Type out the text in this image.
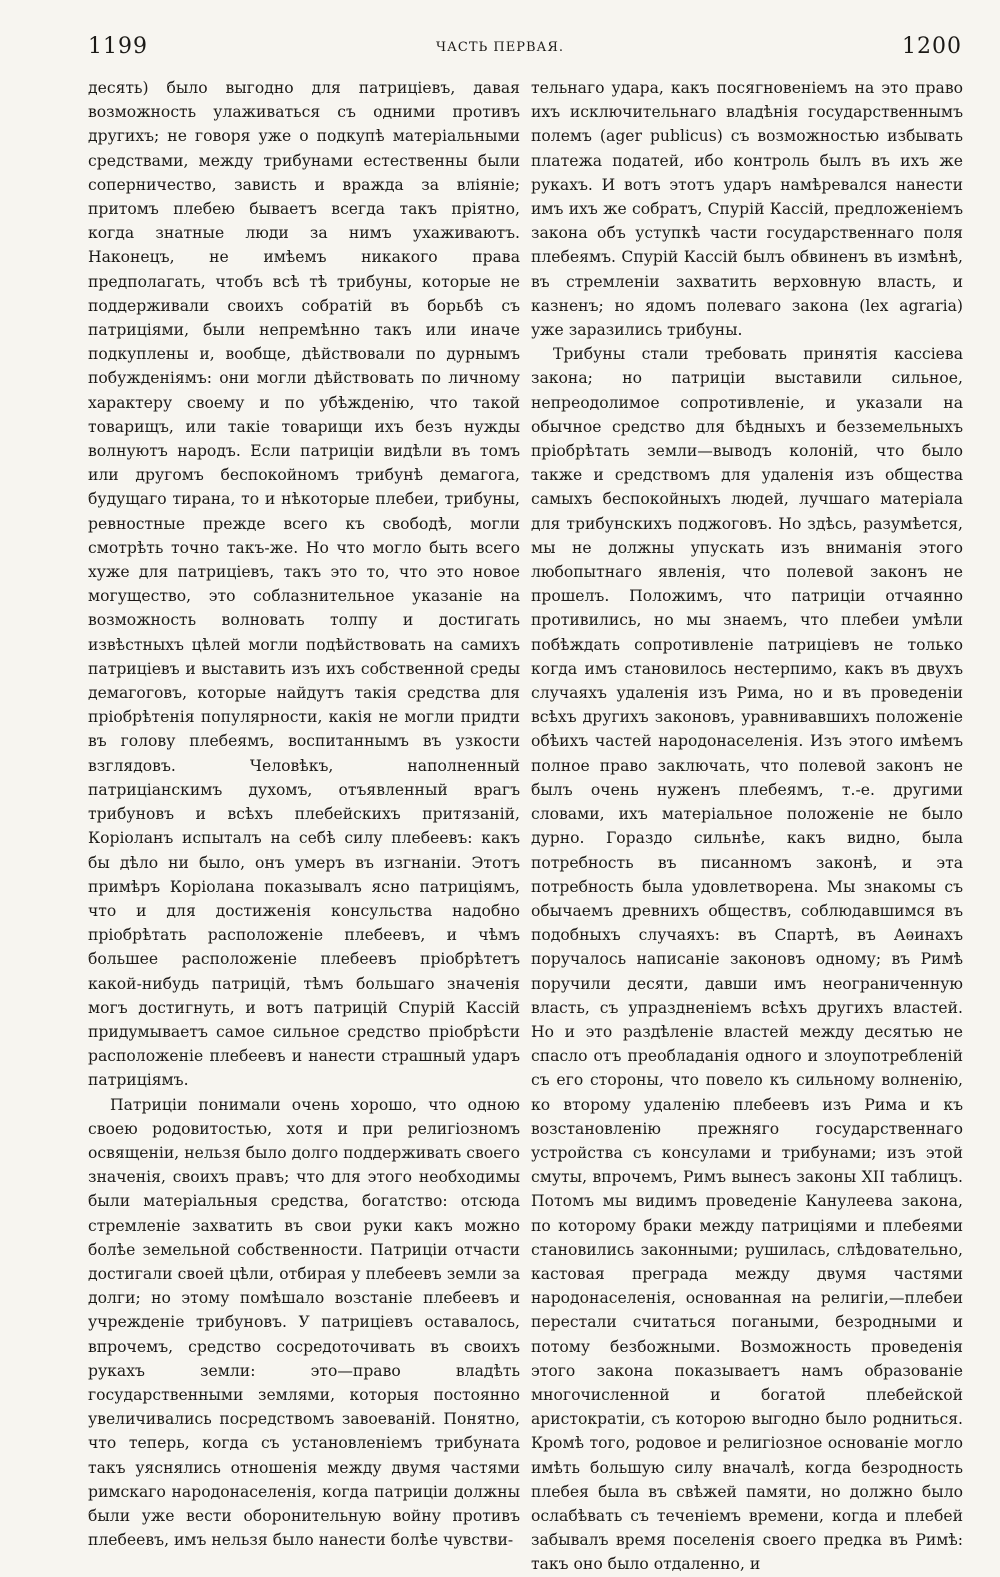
1199	ЧАСТЬ ПЕРВАЯ.	1200

десять) было выгодно для патрицiевъ, давая возможность улаживаться съ одними противъ другихъ; не говоря уже о подкупѣ матерiальными средствами, между трибунами естественны были соперничество, зависть и вражда за влiянiе; притомъ плебею бываетъ всегда такъ прiятно, когда знатные люди за нимъ ухаживаютъ. Наконецъ, не имѣемъ никакого права предполагать, чтобъ всѣ тѣ трибуны, которые не поддерживали своихъ собратiй въ борьбѣ съ патрицiями, были непремѣнно такъ или иначе подкуплены и, вообще, дѣйствовали по дурнымъ побужденiямъ: они могли дѣйствовать по личному характеру своему и по убѣжденiю, что такой товарищъ, или такiе товарищи ихъ безъ нужды волнуютъ народъ. Если патрицiи видѣли въ томъ или другомъ беспокойномъ трибунѣ демагога, будущаго тирана, то и нѣкоторые плебеи, трибуны, ревностные прежде всего къ свободѣ, могли смотрѣть точно такъ-же. Но что могло быть всего хуже для патрицiевъ, такъ это то, что это новое могущество, это соблазнительное указанiе на возможность волновать толпу и достигать извѣстныхъ цѣлей могли подѣйствовать на самихъ патрицiевъ и выставить изъ ихъ собственной среды демагоговъ, которые найдутъ такiя средства для прiобрѣтенiя популярности, какiя не могли придти въ голову плебеямъ, воспитаннымъ въ узкости взглядовъ. Человѣкъ, наполненный патрицiанскимъ духомъ, отъявленный врагъ трибуновъ и всѣхъ плебейскихъ притязанiй, Корiоланъ испыталъ на себѣ силу плебеевъ: какъ бы дѣло ни было, онъ умеръ въ изгнанiи. Этотъ примѣръ Корiолана показывалъ ясно патрицiямъ, что и для достиженiя консульства надобно прiобрѣтать расположенiе плебеевъ, и чѣмъ большее расположенiе плебеевъ прiобрѣтетъ какой-нибудь патрицiй, тѣмъ большаго значенiя могъ достигнуть, и вотъ патрицiй Спурiй Кассiй придумываетъ самое сильное средство прiобрѣсти расположенiе плебеевъ и нанести страшный ударъ патрицiямъ.

Патрицiи понимали очень хорошо, что одною своею родовитостью, хотя и при религiозномъ освященiи, нельзя было долго поддерживать своего значенiя, своихъ правъ; что для этого необходимы были матерiальныя средства, богатство: отсюда стремленiе захватить въ свои руки какъ можно болѣе земельной собственности. Патрицiи отчасти достигали своей цѣли, отбирая у плебеевъ земли за долги; но этому помѣшало возстанiе плебеевъ и учрежденiе трибуновъ. У патрицiевъ оставалось, впрочемъ, средство сосредоточивать въ своихъ рукахъ земли: это—право владѣть государственными землями, которыя постоянно увеличивались посредствомъ завоеванiй. Понятно, что теперь, когда съ установленiемъ трибуната такъ уяснялись отношенiя между двумя частями римскаго народонаселенiя, когда патрицiи должны были уже вести оборонительную войну противъ плебеевъ, имъ нельзя было нанести болѣе чувстви-

тельнаго удара, какъ посягновенiемъ на это право ихъ исключительнаго владѣнiя государственнымъ полемъ (ager publicus) съ возможностью избывать платежа податей, ибо контроль былъ въ ихъ же рукахъ. И вотъ этотъ ударъ намѣревался нанести имъ ихъ же собратъ, Спурiй Кассiй, предложенiемъ закона объ уступкѣ части государственнаго поля плебеямъ. Спурiй Кассiй былъ обвиненъ въ измѣнѣ, въ стремленiи захватить верховную власть, и казненъ; но ядомъ полеваго закона (lex agraria) уже заразились трибуны.

Трибуны стали требовать принятiя кассiева закона; но патрицiи выставили сильное, непреодолимое сопротивленiе, и указали на обычное средство для бѣдныхъ и безземельныхъ прiобрѣтать земли—выводъ колонiй, что было также и средствомъ для удаленiя изъ общества самыхъ беспокойныхъ людей, лучшаго матерiала для трибунскихъ поджоговъ. Но здѣсь, разумѣется, мы не должны упускать изъ вниманiя этого любопытнаго явленiя, что полевой законъ не прошелъ. Положимъ, что патрицiи отчаянно противились, но мы знаемъ, что плебеи умѣли побѣждать сопротивленiе патрицiевъ не только когда имъ становилось нестерпимо, какъ въ двухъ случаяхъ удаленiя изъ Рима, но и въ проведенiи всѣхъ другихъ законовъ, уравнивавшихъ положенiе обѣихъ частей народонаселенiя. Изъ этого имѣемъ полное право заключать, что полевой законъ не былъ очень нуженъ плебеямъ, т.-е. другими словами, ихъ матерiальное положенiе не было дурно. Гораздо сильнѣе, какъ видно, была потребность въ писанномъ законѣ, и эта потребность была удовлетворена. Мы знакомы съ обычаемъ древнихъ обществъ, соблюдавшимся въ подобныхъ случаяхъ: въ Спартѣ, въ Аѳинахъ поручалось написанiе законовъ одному; въ Римѣ поручили десяти, давши имъ неограниченную власть, съ упраздненiемъ всѣхъ другихъ властей. Но и это раздѣленiе властей между десятью не спасло отъ преобладанiя одного и злоупотребленiй съ его стороны, что повело къ сильному волненiю, ко второму удаленiю плебеевъ изъ Рима и къ возстановленiю прежняго государственнаго устройства съ консулами и трибунами; изъ этой смуты, впрочемъ, Римъ вынесъ законы XII таблицъ. Потомъ мы видимъ проведенiе Канулеева закона, по которому браки между патрицiями и плебеями становились законными; рушилась, слѣдовательно, кастовая преграда между двумя частями народонаселенiя, основанная на религiи,—плебеи перестали считаться погаными, безродными и потому безбожными. Возможность проведенiя этого закона показываетъ намъ образованiе многочисленной и богатой плебейской аристократiи, съ которою выгодно было родниться. Кромѣ того, родовое и религiозное основанiе могло имѣть большую силу вначалѣ, когда безродность плебея была въ свѣжей памяти, но должно было ослабѣвать съ теченiемъ времени, когда и плебей забывалъ время поселенiя своего предка въ Римѣ: такъ оно было отдаленно, и
